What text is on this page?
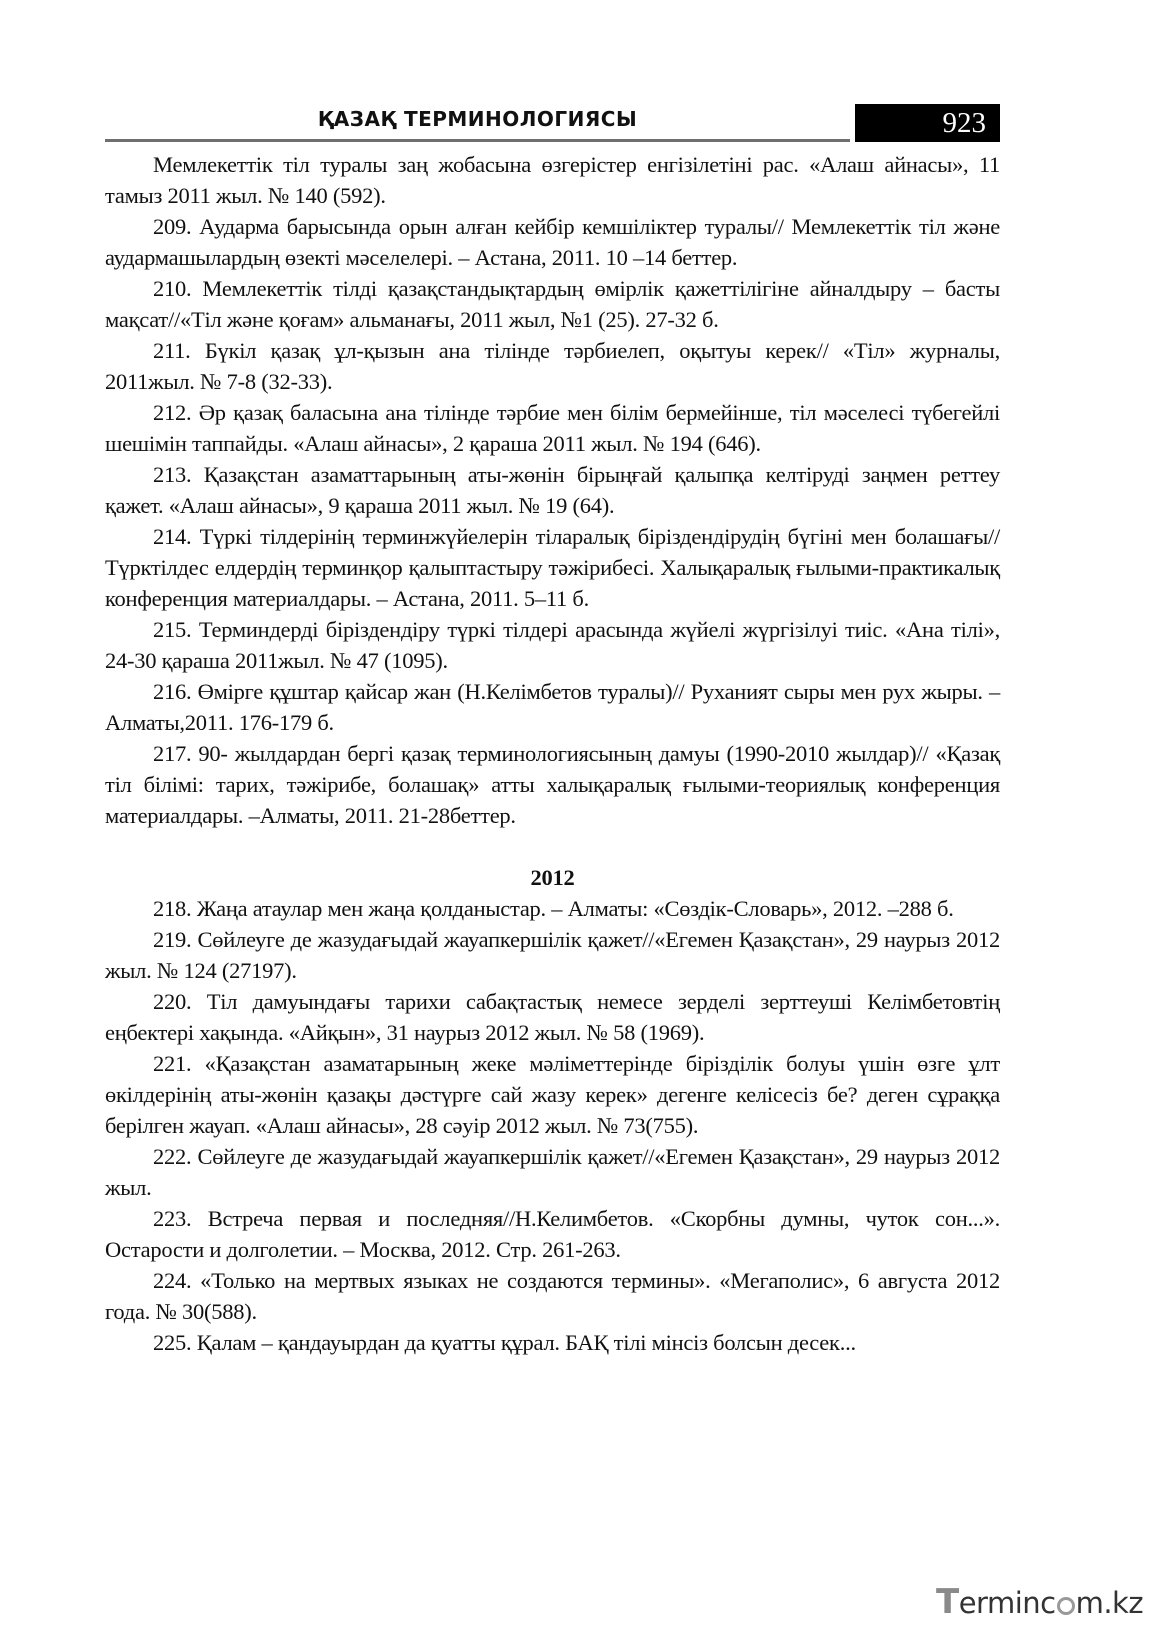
ҚАЗАҚ ТЕРМИНОЛОГИЯСЫ	923

Мемлекеттік тіл туралы заң жобасына өзгерістер енгізілетіні рас. «Алаш айнасы», 11 тамыз 2011 жыл. № 140 (592).

209. Аударма барысында орын алған кейбір кемшіліктер туралы// Мемлекеттік тіл және аудармашылардың өзекті мәселелері. – Астана, 2011. 10 –14 беттер.

210. Мемлекеттік тілді қазақстандықтардың өмірлік қажеттілігіне айналдыру – басты мақсат//«Тіл және қоғам» альманағы, 2011 жыл, №1 (25). 27-32 б.

211. Бүкіл қазақ ұл-қызын ана тілінде тәрбиелеп, оқытуы керек// «Тіл» журналы, 2011жыл. № 7-8 (32-33).

212. Әр қазақ баласына ана тілінде тәрбие мен білім бермейінше, тіл мәселесі түбегейлі шешімін таппайды. «Алаш айнасы», 2 қараша 2011 жыл. № 194 (646).

213. Қазақстан азаматтарының аты-жөнін бірыңғай қалыпқа келтіруді заңмен реттеу қажет. «Алаш айнасы», 9 қараша 2011 жыл. № 19 (64).

214. Түркі тілдерінің терминжүйелерін тіларалық біріздендірудің бүгіні мен болашағы//Түрктілдес елдердің терминқор қалыптастыру тәжірибесі. Халықаралық ғылыми-практикалық конференция материалдары. – Астана, 2011. 5–11 б.

215. Терминдерді біріздендіру түркі тілдері арасында жүйелі жүргізілуі тиіс. «Ана тілі», 24-30 қараша 2011жыл. № 47 (1095).

216. Өмірге құштар қайсар жан (Н.Келімбетов туралы)// Руханият сыры мен рух жыры. – Алматы,2011. 176-179 б.

217. 90- жылдардан бергі қазақ терминологиясының дамуы (1990-2010 жылдар)// «Қазақ тіл білімі: тарих, тәжірибе, болашақ» атты халықаралық ғылыми-теориялық конференция материалдары. –Алматы, 2011. 21-28беттер.

2012

218. Жаңа атаулар мен жаңа қолданыстар. – Алматы: «Сөздік-Словарь», 2012. –288 б.

219. Сөйлеуге де жазудағыдай жауапкершілік қажет//«Егемен Қазақстан», 29 наурыз 2012 жыл. № 124 (27197).

220. Тіл дамуындағы тарихи сабақтастық немесе зерделі зерттеуші Келімбетовтің еңбектері хақында. «Айқын», 31 наурыз 2012 жыл. № 58 (1969).

221. «Қазақстан азаматарының жеке мәліметтерінде біріздiлік болуы үшін өзге ұлт өкілдерінің аты-жөнін қазақы дәстүрге сай жазу керек» дегенге келісесіз бе? деген сұраққа берілген жауап. «Алаш айнасы», 28 сәуір 2012 жыл. № 73(755).

222. Сөйлеуге де жазудағыдай жауапкершілік қажет//«Егемен Қазақстан», 29 наурыз 2012 жыл.

223. Встреча первая и последняя//Н.Келимбетов. «Скорбны думны, чуток сон...». Остарости и долголетии. – Москва, 2012. Стр. 261-263.

224. «Только на мертвых языках не создаются термины». «Мегаполис», 6 августа 2012 года. № 30(588).

225. Қалам – қандауырдан да қуатты құрал. БАҚ тілі мінсіз болсын десек...

Terminc m.kz
